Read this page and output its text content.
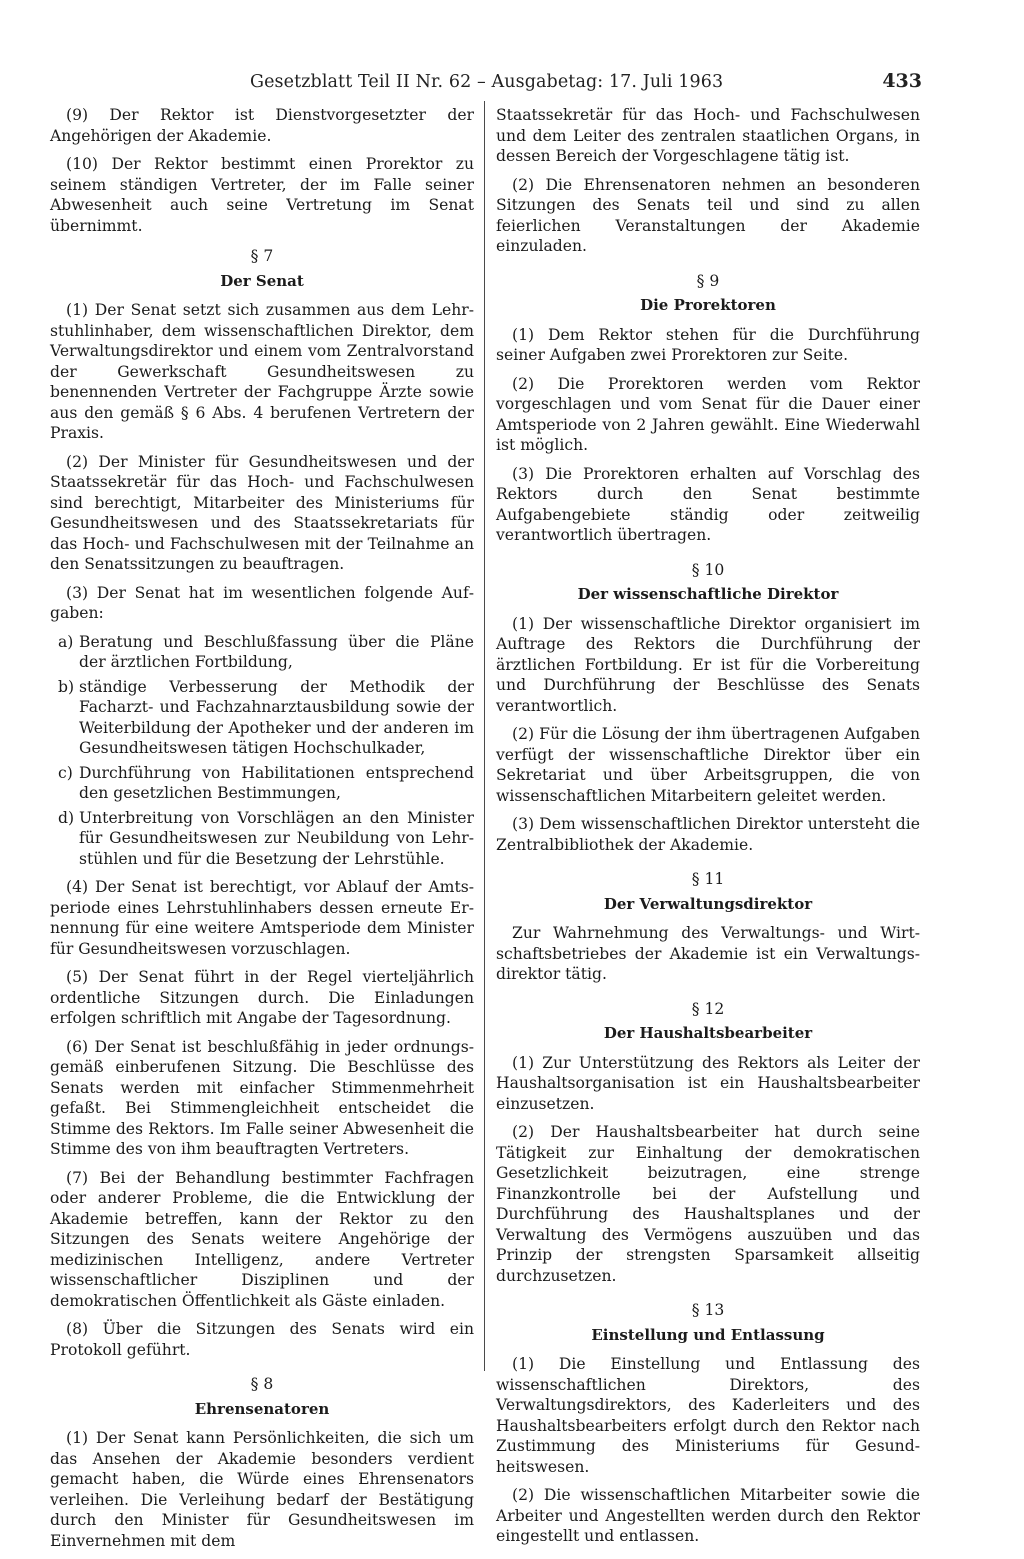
Gesetzblatt Teil II Nr. 62 – Ausgabetag: 17. Juli 1963	433

(9) Der Rektor ist Dienstvorgesetzter der Angehörigen der Akademie.

(10) Der Rektor bestimmt einen Prorektor zu seinem ständigen Vertreter, der im Falle seiner Abwesenheit auch seine Vertretung im Senat übernimmt.

§ 7
Der Senat

(1) Der Senat setzt sich zusammen aus dem Lehrstuhlinhaber, dem wissenschaftlichen Direktor, dem Verwaltungsdirektor und einem vom Zentralvorstand der Gewerkschaft Gesundheitswesen zu benennenden Vertreter der Fachgruppe Ärzte sowie aus den gemäß § 6 Abs. 4 berufenen Vertretern der Praxis.

(2) Der Minister für Gesundheitswesen und der Staatssekretär für das Hoch- und Fachschulwesen sind berechtigt, Mitarbeiter des Ministeriums für Gesundheitswesen und des Staatssekretariats für das Hoch- und Fachschulwesen mit der Teilnahme an den Senatssitzungen zu beauftragen.

(3) Der Senat hat im wesentlichen folgende Aufgaben:

a) Beratung und Beschlußfassung über die Pläne der ärztlichen Fortbildung,
b) ständige Verbesserung der Methodik der Facharzt- und Fachzahnarztausbildung sowie der Weiterbildung der Apotheker und der anderen im Gesundheitswesen tätigen Hochschulkader,
c) Durchführung von Habilitationen entsprechend den gesetzlichen Bestimmungen,
d) Unterbreitung von Vorschlägen an den Minister für Gesundheitswesen zur Neubildung von Lehrstühlen und für die Besetzung der Lehrstühle.

(4) Der Senat ist berechtigt, vor Ablauf der Amtsperiode eines Lehrstuhlinhabers dessen erneute Ernennung für eine weitere Amtsperiode dem Minister für Gesundheitswesen vorzuschlagen.

(5) Der Senat führt in der Regel vierteljährlich ordentliche Sitzungen durch. Die Einladungen erfolgen schriftlich mit Angabe der Tagesordnung.

(6) Der Senat ist beschlußfähig in jeder ordnungsgemäß einberufenen Sitzung. Die Beschlüsse des Senats werden mit einfacher Stimmenmehrheit gefaßt. Bei Stimmengleichheit entscheidet die Stimme des Rektors. Im Falle seiner Abwesenheit die Stimme des von ihm beauftragten Vertreters.

(7) Bei der Behandlung bestimmter Fachfragen oder anderer Probleme, die die Entwicklung der Akademie betreffen, kann der Rektor zu den Sitzungen des Senats weitere Angehörige der medizinischen Intelligenz, andere Vertreter wissenschaftlicher Disziplinen und der demokratischen Öffentlichkeit als Gäste einladen.

(8) Über die Sitzungen des Senats wird ein Protokoll geführt.

§ 8
Ehrensenatoren

(1) Der Senat kann Persönlichkeiten, die sich um das Ansehen der Akademie besonders verdient gemacht haben, die Würde eines Ehrensenators verleihen. Die Verleihung bedarf der Bestätigung durch den Minister für Gesundheitswesen im Einvernehmen mit dem

Staatssekretär für das Hoch- und Fachschulwesen und dem Leiter des zentralen staatlichen Organs, in dessen Bereich der Vorgeschlagene tätig ist.

(2) Die Ehrensenatoren nehmen an besonderen Sitzungen des Senats teil und sind zu allen feierlichen Veranstaltungen der Akademie einzuladen.

§ 9
Die Prorektoren

(1) Dem Rektor stehen für die Durchführung seiner Aufgaben zwei Prorektoren zur Seite.

(2) Die Prorektoren werden vom Rektor vorgeschlagen und vom Senat für die Dauer einer Amtsperiode von 2 Jahren gewählt. Eine Wiederwahl ist möglich.

(3) Die Prorektoren erhalten auf Vorschlag des Rektors durch den Senat bestimmte Aufgabengebiete ständig oder zeitweilig verantwortlich übertragen.

§ 10
Der wissenschaftliche Direktor

(1) Der wissenschaftliche Direktor organisiert im Auftrage des Rektors die Durchführung der ärztlichen Fortbildung. Er ist für die Vorbereitung und Durchführung der Beschlüsse des Senats verantwortlich.

(2) Für die Lösung der ihm übertragenen Aufgaben verfügt der wissenschaftliche Direktor über ein Sekretariat und über Arbeitsgruppen, die von wissenschaftlichen Mitarbeitern geleitet werden.

(3) Dem wissenschaftlichen Direktor untersteht die Zentralbibliothek der Akademie.

§ 11
Der Verwaltungsdirektor

Zur Wahrnehmung des Verwaltungs- und Wirtschaftsbetriebes der Akademie ist ein Verwaltungsdirektor tätig.

§ 12
Der Haushaltsbearbeiter

(1) Zur Unterstützung des Rektors als Leiter der Haushaltsorganisation ist ein Haushaltsbearbeiter einzusetzen.

(2) Der Haushaltsbearbeiter hat durch seine Tätigkeit zur Einhaltung der demokratischen Gesetzlichkeit beizutragen, eine strenge Finanzkontrolle bei der Aufstellung und Durchführung des Haushaltsplanes und der Verwaltung des Vermögens auszuüben und das Prinzip der strengsten Sparsamkeit allseitig durchzusetzen.

§ 13
Einstellung und Entlassung

(1) Die Einstellung und Entlassung des wissenschaftlichen Direktors, des Verwaltungsdirektors, des Kaderleiters und des Haushaltsbearbeiters erfolgt durch den Rektor nach Zustimmung des Ministeriums für Gesundheitswesen.

(2) Die wissenschaftlichen Mitarbeiter sowie die Arbeiter und Angestellten werden durch den Rektor eingestellt und entlassen.
